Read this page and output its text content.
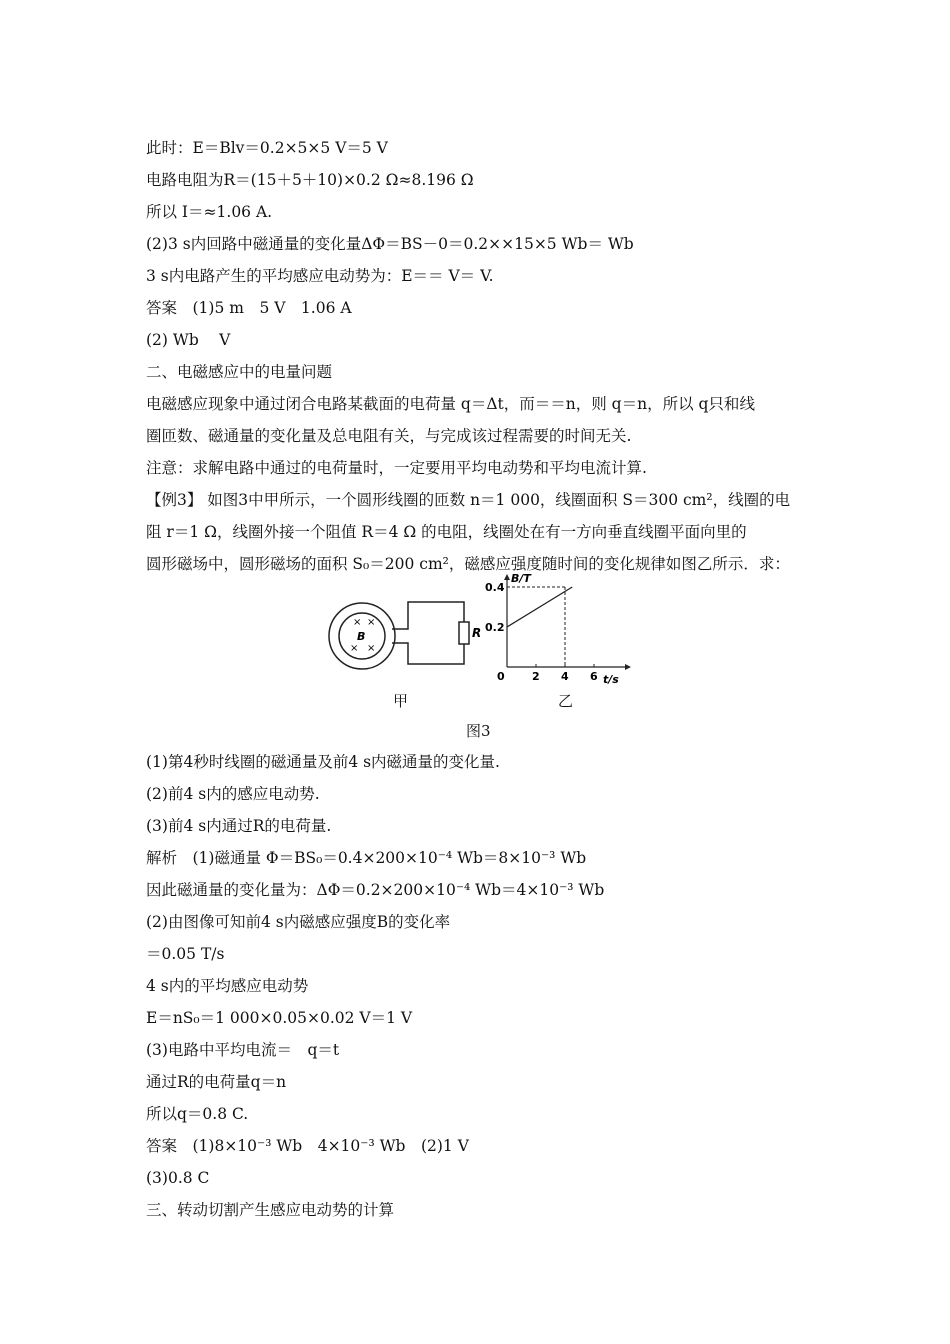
此时：E＝Blv＝0.2×5×5 V＝5 V
电路电阻为R＝(15＋5＋10)×0.2 Ω≈8.196 Ω
所以 I＝≈1.06 A.
(2)3 s内回路中磁通量的变化量ΔΦ＝BS－0＝0.2××15×5 Wb＝ Wb
3 s内电路产生的平均感应电动势为：E＝＝ V＝ V.
答案　(1)5 m　5 V　1.06 A
(2) Wb　 V
二、电磁感应中的电量问题
电磁感应现象中通过闭合电路某截面的电荷量 q＝Δt，而＝＝n，则 q＝n，所以 q只和线
圈匝数、磁通量的变化量及总电阻有关，与完成该过程需要的时间无关.
注意：求解电路中通过的电荷量时，一定要用平均电动势和平均电流计算.
【例3】 如图3中甲所示，一个圆形线圈的匝数 n＝1 000，线圈面积 S＝300 cm²，线圈的电
阻 r＝1 Ω，线圈外接一个阻值 R＝4 Ω 的电阻，线圈处在有一方向垂直线圈平面向里的
圆形磁场中，圆形磁场的面积 S₀＝200 cm²，磁感应强度随时间的变化规律如图乙所示．求：
R
× ×
B
× ×
甲
B/T
t/s
0 2 4 6
0.2
0.4
乙
图3
(1)第4秒时线圈的磁通量及前4 s内磁通量的变化量.
(2)前4 s内的感应电动势.
(3)前4 s内通过R的电荷量.
解析　(1)磁通量 Φ＝BS₀＝0.4×200×10⁻⁴ Wb＝8×10⁻³ Wb
因此磁通量的变化量为：ΔΦ＝0.2×200×10⁻⁴ Wb＝4×10⁻³ Wb
(2)由图像可知前4 s内磁感应强度B的变化率
＝0.05 T/s
4 s内的平均感应电动势
E＝nS₀＝1 000×0.05×0.02 V＝1 V
(3)电路中平均电流＝　q＝t
通过R的电荷量q＝n
所以q＝0.8 C.
答案　(1)8×10⁻³ Wb　4×10⁻³ Wb　(2)1 V
(3)0.8 C
三、转动切割产生感应电动势的计算
